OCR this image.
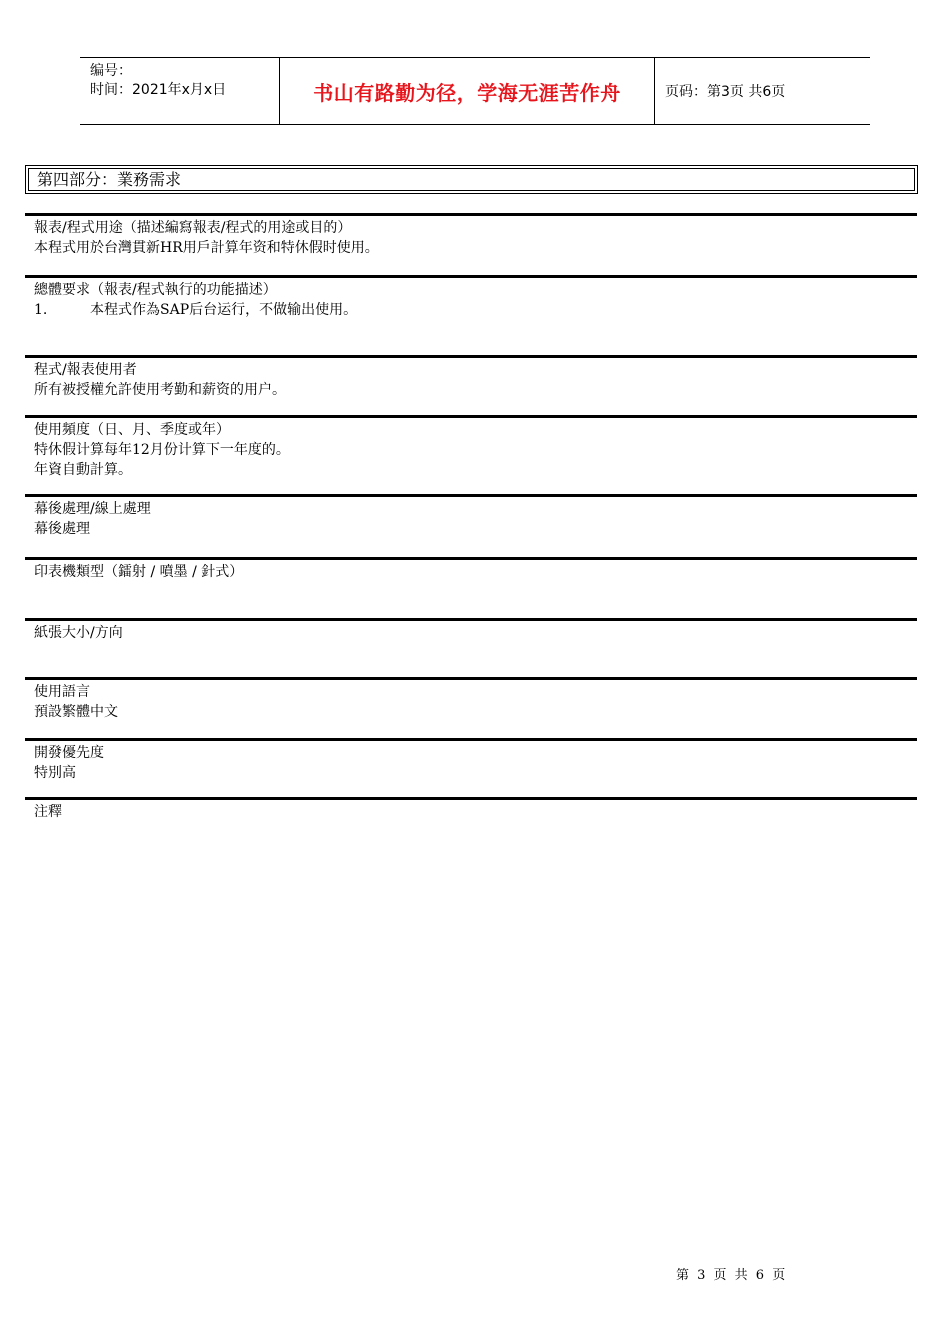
编号：
时间：2021年x月x日	书山有路勤为径，学海无涯苦作舟	页码：第3页 共6页
第四部分：業務需求
報表/程式用途（描述編寫報表/程式的用途或目的）
本程式用於台灣貫新HR用戶計算年资和特休假时使用。
總體要求（報表/程式執行的功能描述）
1.	本程式作為SAP后台运行，不做输出使用。
程式/報表使用者
所有被授權允許使用考勤和薪资的用户。
使用頻度（日、月、季度或年）
特休假计算每年12月份计算下一年度的。
年資自動計算。
幕後處理/線上處理
幕後處理
印表機類型（鐳射 / 噴墨 / 針式）
紙張大小/方向
使用語言
預設繁體中文
開發優先度
特別高
注釋
第 3 页 共 6 页
